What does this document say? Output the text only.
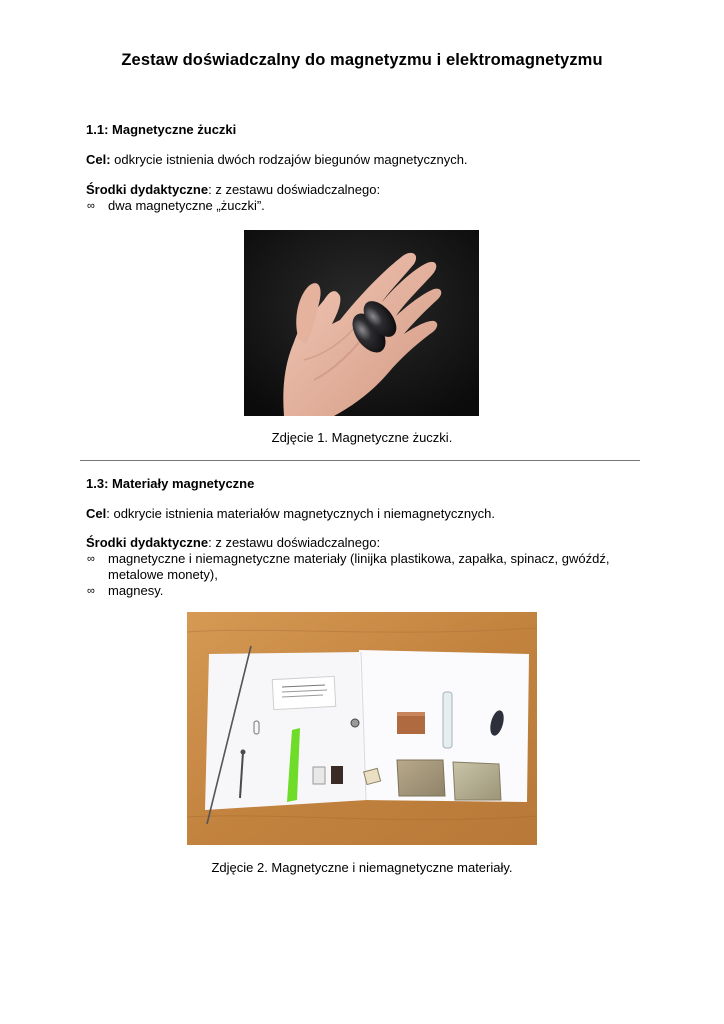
Zestaw doświadczalny do magnetyzmu i elektromagnetyzmu
1.1: Magnetyczne żuczki
Cel: odkrycie istnienia dwóch rodzajów biegunów magnetycznych.
Środki dydaktyczne: z zestawu doświadczalnego:
∞ dwa magnetyczne „żuczki”.
Zdjęcie 1. Magnetyczne żuczki.
1.3: Materiały magnetyczne
Cel: odkrycie istnienia materiałów magnetycznych i niemagnetycznych.
Środki dydaktyczne: z zestawu doświadczalnego:
∞ magnetyczne i niemagnetyczne materiały (linijka plastikowa, zapałka, spinacz, gwóźdź,
metalowe monety),
∞ magnesy.
Zdjęcie 2. Magnetyczne i niemagnetyczne materiały.
